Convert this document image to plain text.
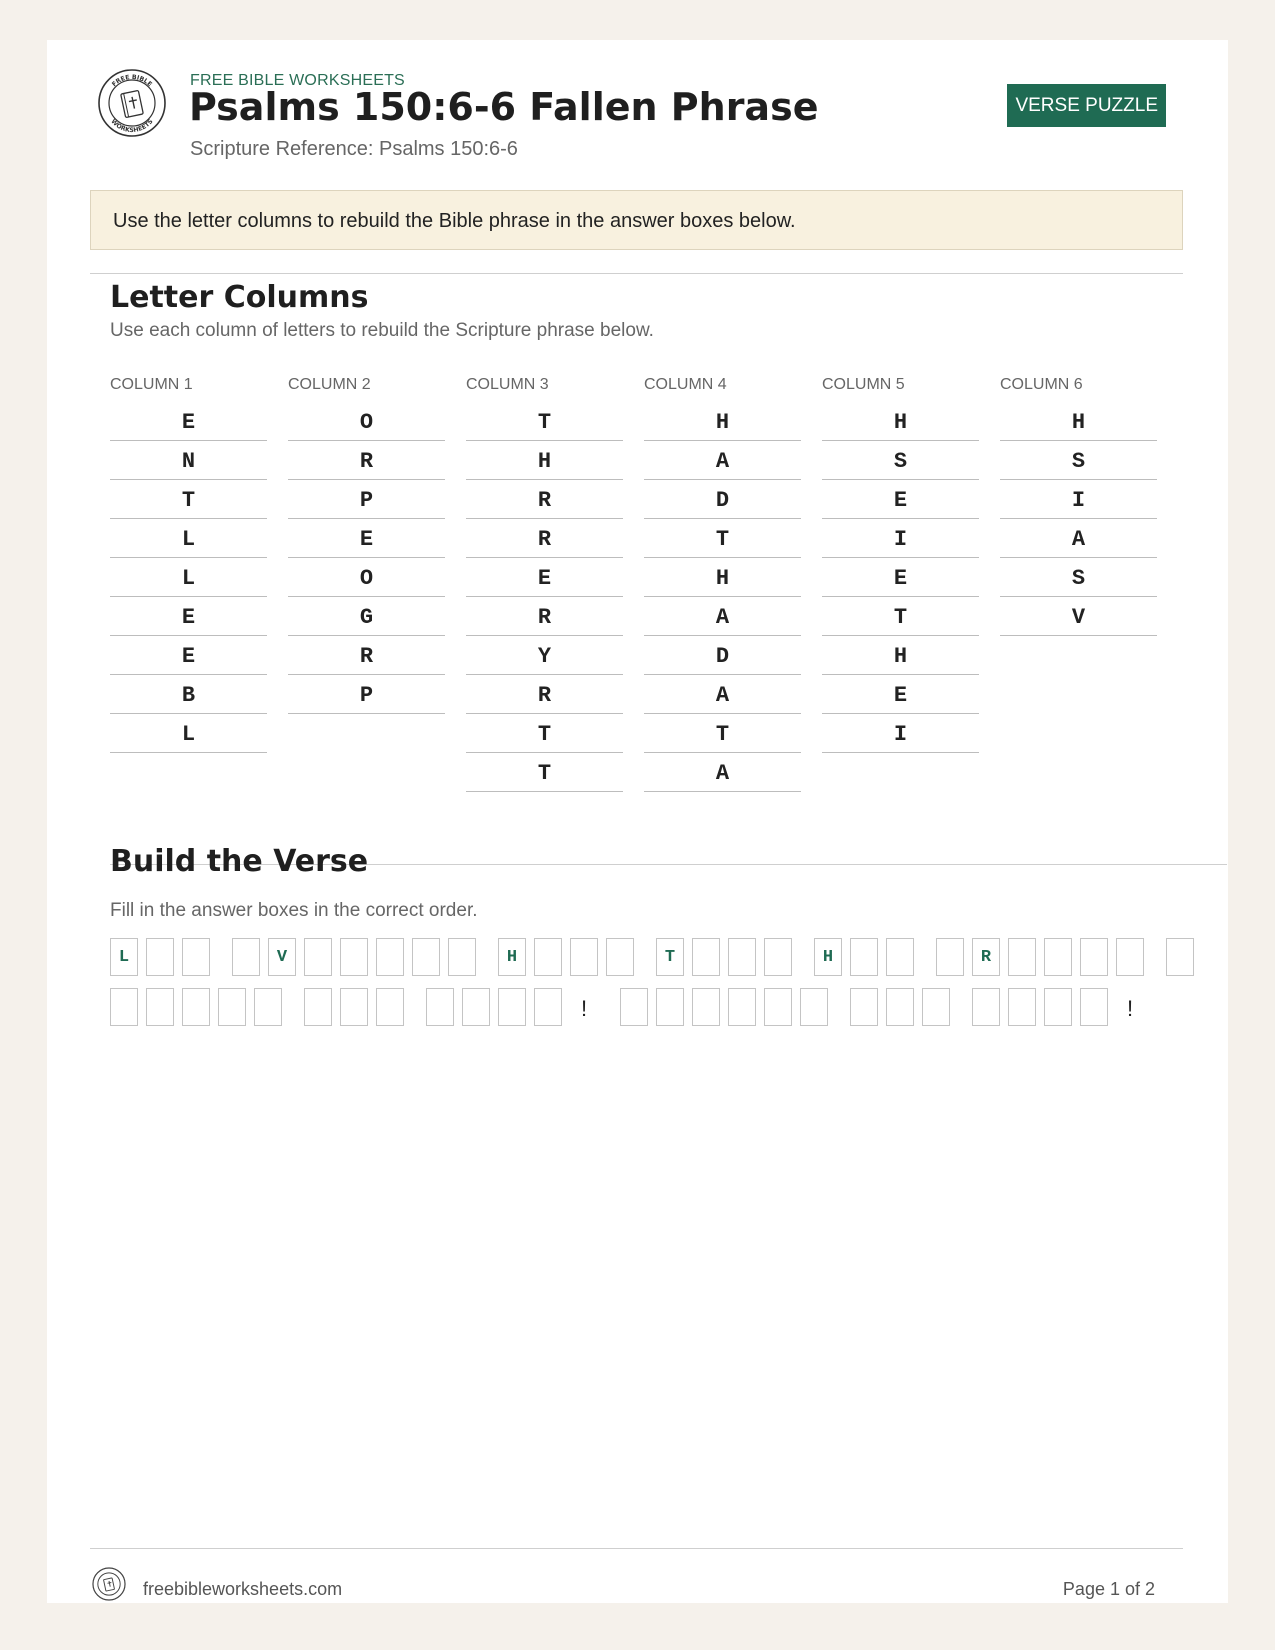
FREE BIBLE
WORKSHEETS
FREE BIBLE WORKSHEETS
Psalms 150:6-6 Fallen Phrase
Scripture Reference: Psalms 150:6-6
VERSE PUZZLE
Use the letter columns to rebuild the Bible phrase in the answer boxes below.
Letter Columns
Use each column of letters to rebuild the Scripture phrase below.
COLUMN 1
E
N
T
L
L
E
E
B
L
COLUMN 2
O
R
P
E
O
G
R
P
COLUMN 3
T
H
R
R
E
R
Y
R
T
T
COLUMN 4
H
A
D
T
H
A
D
A
T
A
COLUMN 5
H
S
E
I
E
T
H
E
I
COLUMN 6
H
S
I
A
S
V
Build the Verse
Fill in the answer boxes in the correct order.
L	V	H	T	H	R
!	!
freebibleworksheets.com	Page 1 of 2
